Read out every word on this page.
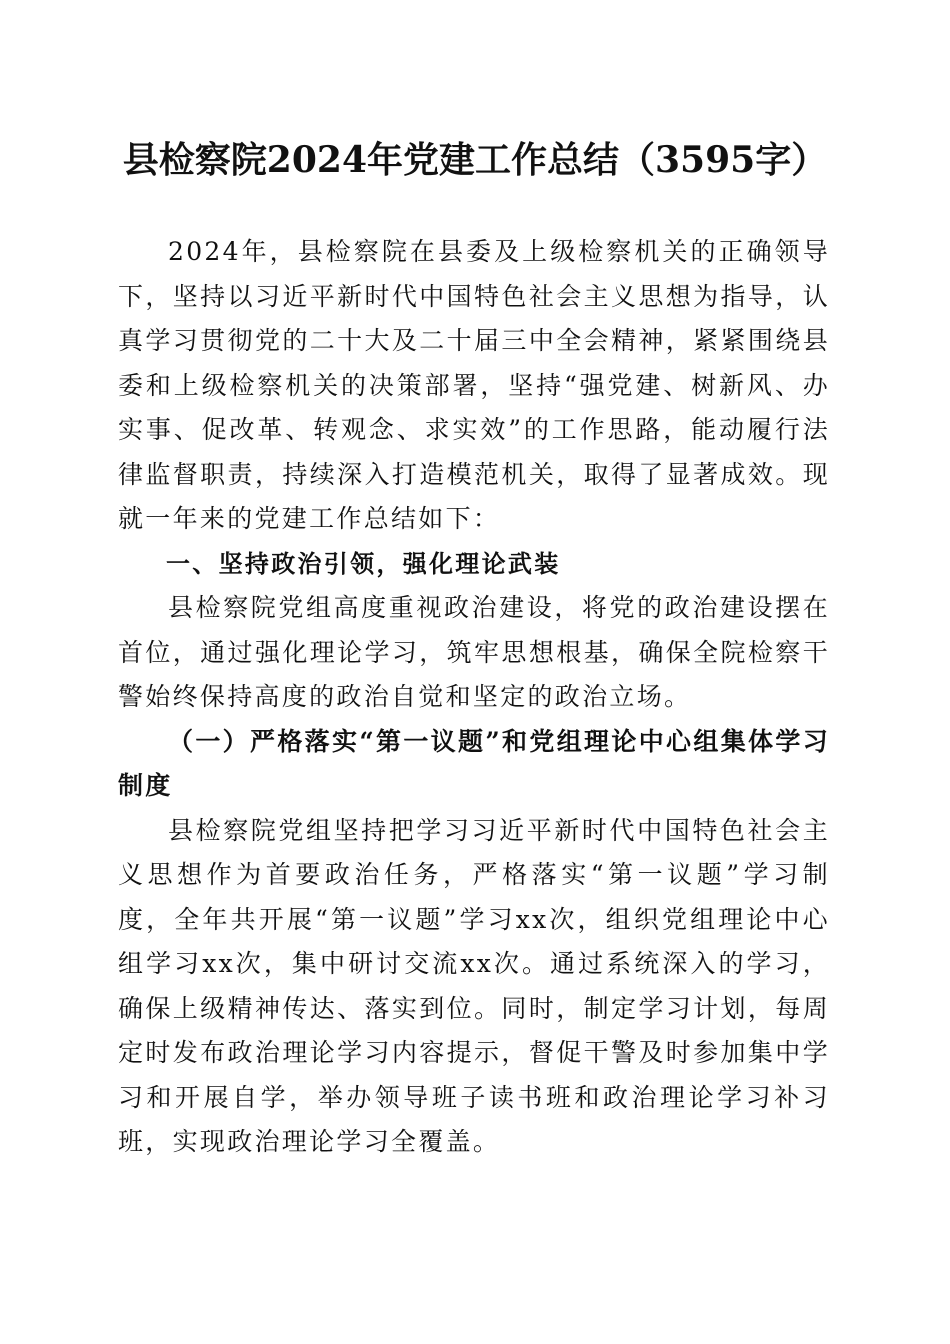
县检察院2024年党建工作总结（3595字）

2024年，县检察院在县委及上级检察机关的正确领导下，坚持以习近平新时代中国特色社会主义思想为指导，认真学习贯彻党的二十大及二十届三中全会精神，紧紧围绕县委和上级检察机关的决策部署，坚持“强党建、树新风、办实事、促改革、转观念、求实效”的工作思路，能动履行法律监督职责，持续深入打造模范机关，取得了显著成效。现就一年来的党建工作总结如下：

一、坚持政治引领，强化理论武装

县检察院党组高度重视政治建设，将党的政治建设摆在首位，通过强化理论学习，筑牢思想根基，确保全院检察干警始终保持高度的政治自觉和坚定的政治立场。

（一）严格落实“第一议题”和党组理论中心组集体学习制度

县检察院党组坚持把学习习近平新时代中国特色社会主义思想作为首要政治任务，严格落实“第一议题”学习制度，全年共开展“第一议题”学习xx次，组织党组理论中心组学习xx次，集中研讨交流xx次。通过系统深入的学习，确保上级精神传达、落实到位。同时，制定学习计划，每周定时发布政治理论学习内容提示，督促干警及时参加集中学习和开展自学，举办领导班子读书班和政治理论学习补习班，实现政治理论学习全覆盖。
